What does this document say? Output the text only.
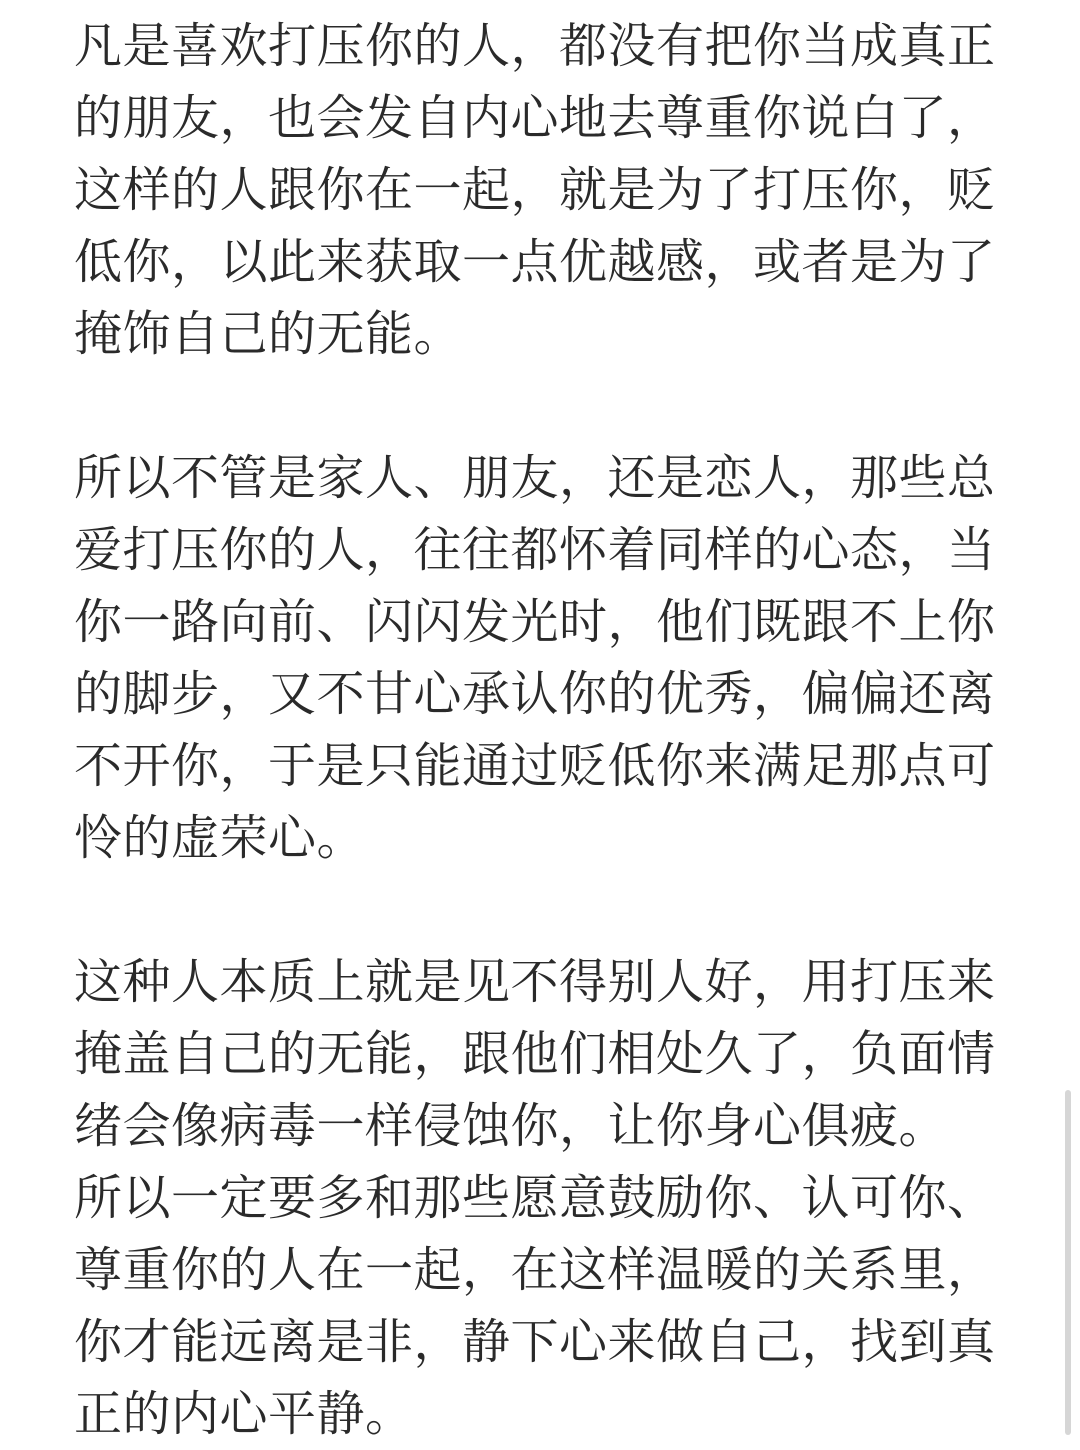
凡是喜欢打压你的人，都没有把你当成真正
的朋友，也会发自内心地去尊重你说白了，
这样的人跟你在一起，就是为了打压你，贬
低你，以此来获取一点优越感，或者是为了
掩饰自己的无能。
所以不管是家人、朋友，还是恋人，那些总
爱打压你的人，往往都怀着同样的心态，当
你一路向前、闪闪发光时，他们既跟不上你
的脚步，又不甘心承认你的优秀，偏偏还离
不开你，于是只能通过贬低你来满足那点可
怜的虚荣心。
这种人本质上就是见不得别人好，用打压来
掩盖自己的无能，跟他们相处久了，负面情
绪会像病毒一样侵蚀你，让你身心俱疲。
所以一定要多和那些愿意鼓励你、认可你、
尊重你的人在一起，在这样温暖的关系里，
你才能远离是非，静下心来做自己，找到真
正的内心平静。
